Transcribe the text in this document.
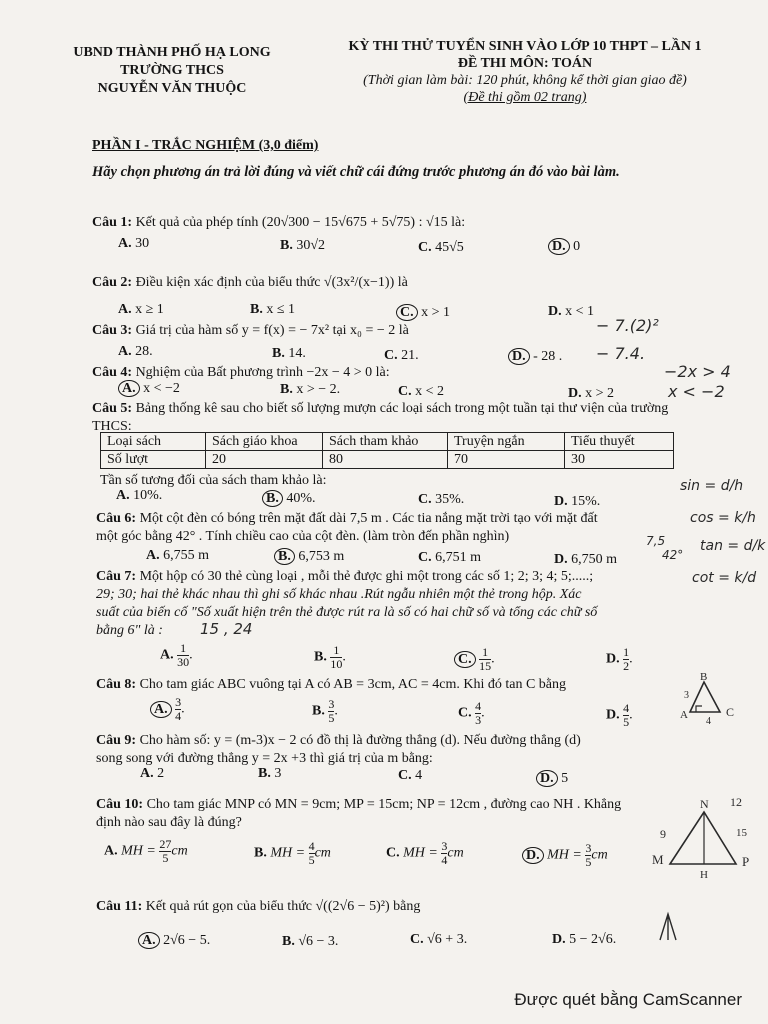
UBND THÀNH PHỐ HẠ LONG
TRƯỜNG THCS
NGUYỄN VĂN THUỘC
KỲ THI THỬ TUYỂN SINH VÀO LỚP 10 THPT – LẦN 1
ĐỀ THI MÔN: TOÁN
(Thời gian làm bài: 120 phút, không kể thời gian giao đề)
(Đề thi gồm 02 trang)
PHẦN I - TRẮC NGHIỆM (3,0 điểm)
Hãy chọn phương án trả lời đúng và viết chữ cái đứng trước phương án đó vào bài làm.
Câu 1: Kết quả của phép tính (20√300 − 15√675 + 5√75) : √15 là:
A. 30	B. 30√2	C. 45√5	D. 0
Câu 2: Điều kiện xác định của biểu thức √(3x²/(x−1)) là
A. x ≥ 1	B. x ≤ 1	C. x > 1	D. x < 1
Câu 3: Giá trị của hàm số y = f(x) = − 7x² tại x₀ = − 2 là
A. 28.	B. 14.	C. 21.	D. - 28 .
Câu 4: Nghiệm của Bất phương trình −2x − 4 > 0 là:
A. x < −2	B. x > − 2.	C. x < 2	D. x > 2
Câu 5: Bảng thống kê sau cho biết số lượng mượn các loại sách trong một tuần tại thư viện của trường THCS:
Loại sách	Sách giáo khoa	Sách tham khảo	Truyện ngắn	Tiểu thuyết
Số lượt	20	80	70	30
Tần số tương đối của sách tham khảo là:
A. 10%.	B. 40%.	C. 35%.	D. 15%.
Câu 6: Một cột đèn có bóng trên mặt đất dài 7,5 m . Các tia nắng mặt trời tạo với mặt đất
một góc bằng 42° . Tính chiều cao của cột đèn. (làm tròn đến phần nghìn)
A. 6,755 m	B. 6,753 m	C. 6,751 m	D. 6,750 m
Câu 7: Một hộp có 30 thẻ cùng loại , mỗi thẻ được ghi một trong các số 1; 2; 3; 4; 5;.....;
29; 30; hai thẻ khác nhau thì ghi số khác nhau .Rút ngẫu nhiên một thẻ trong hộp. Xác
suất của biến cố "Số xuất hiện trên thẻ được rút ra là số có hai chữ số và tổng các chữ số
bằng 6" là :
A. $\frac{1}{30}$ .	B. $\frac{1}{10}$ .	C. $\frac{1}{15}$ .	D. $\frac{1}{2}$ .
Câu 8: Cho tam giác ABC vuông tại A có AB = 3cm, AC = 4cm. Khi đó tan C bằng
A. $\frac{3}{4}$ .	B. $\frac{3}{5}$ .	C. $\frac{4}{3}$ .	D. $\frac{4}{5}$ .
Câu 9: Cho hàm số: y = (m-3)x − 2 có đồ thị là đường thẳng (d). Nếu đường thẳng (d)
song song với đường thẳng y = 2x +3 thì giá trị của m bằng:
A. 2	B. 3	C. 4	D. 5
Câu 10: Cho tam giác MNP có MN = 9cm; MP = 15cm; NP = 12cm , đường cao NH . Khẳng
định nào sau đây là đúng?
A. MH = $\frac{27}{5}$ cm	B. MH = $\frac{4}{5}$ cm	C. MH = $\frac{3}{4}$ cm	D. MH = $\frac{3}{5}$ cm
Câu 11: Kết quả rút gọn của biểu thức √((2√6 − 5)²) bằng
A. 2√6 − 5.	B. √6 − 3.	C. √6 + 3.	D. 5 − 2√6.
− 7.(2)²
− 7.4.
−2x > 4
x < −2
sin = d/h
cos = k/h
tan = d/k
cot = k/d
7,5
42°
15 , 24
B
A	C
3
4
N
M	P
H
9
12
15
Được quét bằng CamScanner
